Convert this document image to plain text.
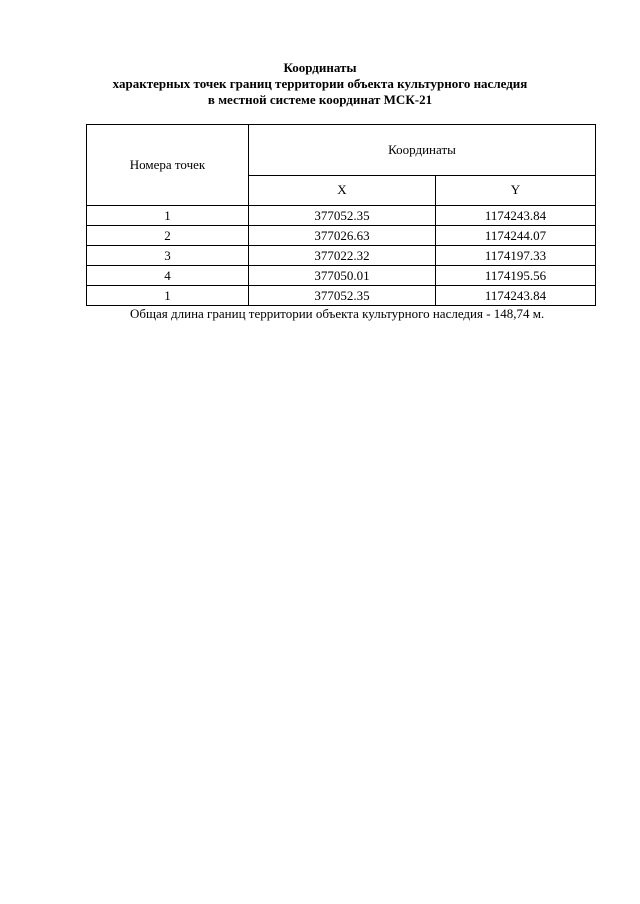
Координаты
характерных точек границ территории объекта культурного наследия
в местной системе координат МСК-21
Номера точек	Координаты	
	X	Y
1	377052.35	1174243.84
2	377026.63	1174244.07
3	377022.32	1174197.33
4	377050.01	1174195.56
1	377052.35	1174243.84
Общая длина границ территории объекта культурного наследия - 148,74 м.
